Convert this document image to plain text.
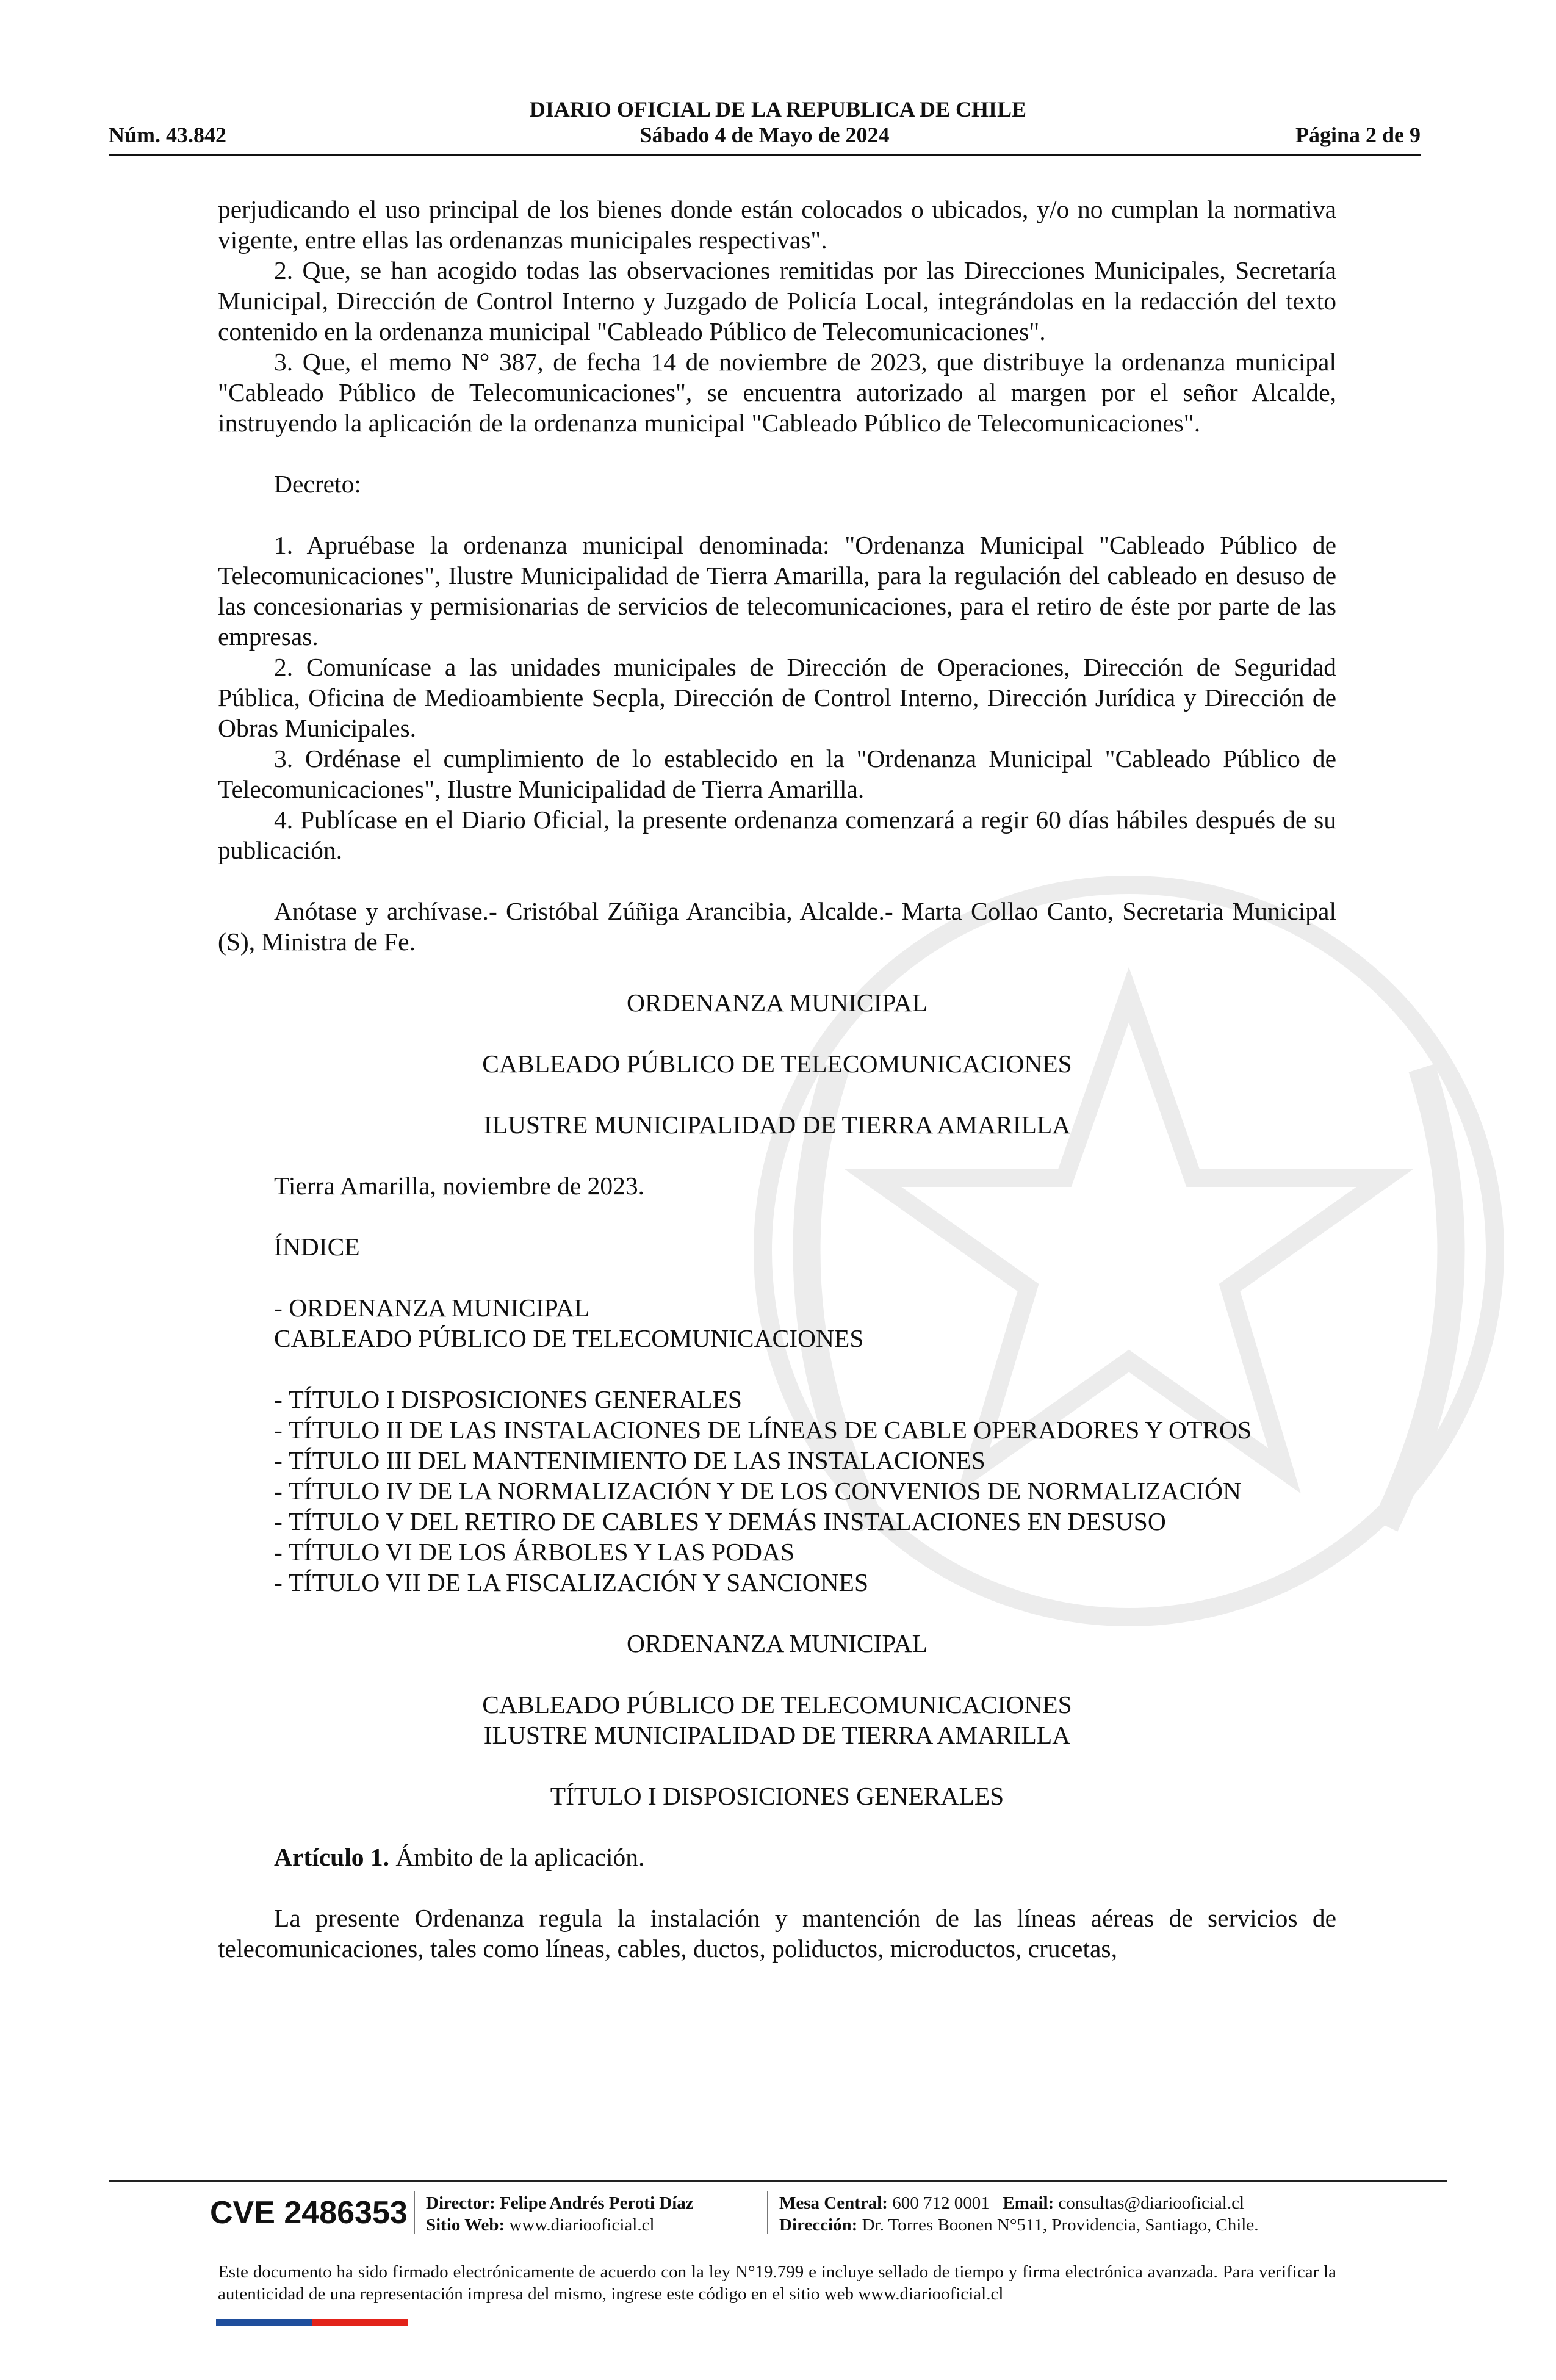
DIARIO OFICIAL DE LA REPUBLICA DE CHILE
Núm. 43.842	Sábado 4 de Mayo de 2024	Página 2 de 9

perjudicando el uso principal de los bienes donde están colocados o ubicados, y/o no cumplan la normativa vigente, entre ellas las ordenanzas municipales respectivas".

2. Que, se han acogido todas las observaciones remitidas por las Direcciones Municipales, Secretaría Municipal, Dirección de Control Interno y Juzgado de Policía Local, integrándolas en la redacción del texto contenido en la ordenanza municipal "Cableado Público de Telecomunicaciones".

3. Que, el memo N° 387, de fecha 14 de noviembre de 2023, que distribuye la ordenanza municipal "Cableado Público de Telecomunicaciones", se encuentra autorizado al margen por el señor Alcalde, instruyendo la aplicación de la ordenanza municipal "Cableado Público de Telecomunicaciones".

Decreto:

1. Apruébase la ordenanza municipal denominada: "Ordenanza Municipal "Cableado Público de Telecomunicaciones", Ilustre Municipalidad de Tierra Amarilla, para la regulación del cableado en desuso de las concesionarias y permisionarias de servicios de telecomunicaciones, para el retiro de éste por parte de las empresas.

2. Comunícase a las unidades municipales de Dirección de Operaciones, Dirección de Seguridad Pública, Oficina de Medioambiente Secpla, Dirección de Control Interno, Dirección Jurídica y Dirección de Obras Municipales.

3. Ordénase el cumplimiento de lo establecido en la "Ordenanza Municipal "Cableado Público de Telecomunicaciones", Ilustre Municipalidad de Tierra Amarilla.

4. Publícase en el Diario Oficial, la presente ordenanza comenzará a regir 60 días hábiles después de su publicación.

Anótase y archívase.- Cristóbal Zúñiga Arancibia, Alcalde.- Marta Collao Canto, Secretaria Municipal (S), Ministra de Fe.

ORDENANZA MUNICIPAL

CABLEADO PÚBLICO DE TELECOMUNICACIONES

ILUSTRE MUNICIPALIDAD DE TIERRA AMARILLA

Tierra Amarilla, noviembre de 2023.

ÍNDICE

- ORDENANZA MUNICIPAL

CABLEADO PÚBLICO DE TELECOMUNICACIONES

- TÍTULO I DISPOSICIONES GENERALES

- TÍTULO II DE LAS INSTALACIONES DE LÍNEAS DE CABLE OPERADORES Y OTROS

- TÍTULO III DEL MANTENIMIENTO DE LAS INSTALACIONES

- TÍTULO IV DE LA NORMALIZACIÓN Y DE LOS CONVENIOS DE NORMALIZACIÓN

- TÍTULO V DEL RETIRO DE CABLES Y DEMÁS INSTALACIONES EN DESUSO

- TÍTULO VI DE LOS ÁRBOLES Y LAS PODAS

- TÍTULO VII DE LA FISCALIZACIÓN Y SANCIONES

ORDENANZA MUNICIPAL

CABLEADO PÚBLICO DE TELECOMUNICACIONES

ILUSTRE MUNICIPALIDAD DE TIERRA AMARILLA

TÍTULO I DISPOSICIONES GENERALES

Artículo 1. Ámbito de la aplicación.

La presente Ordenanza regula la instalación y mantención de las líneas aéreas de servicios de telecomunicaciones, tales como líneas, cables, ductos, poliductos, microductos, crucetas,

CVE 2486353 Director: Felipe Andrés Peroti Díaz
Sitio Web: www.diariooficial.cl
Mesa Central: 600 712 0001 Email: consultas@diariooficial.cl
Dirección: Dr. Torres Boonen N°511, Providencia, Santiago, Chile.
Este documento ha sido firmado electrónicamente de acuerdo con la ley N°19.799 e incluye sellado de tiempo y firma electrónica avanzada. Para verificar la autenticidad de una representación impresa del mismo, ingrese este código en el sitio web www.diariooficial.cl
